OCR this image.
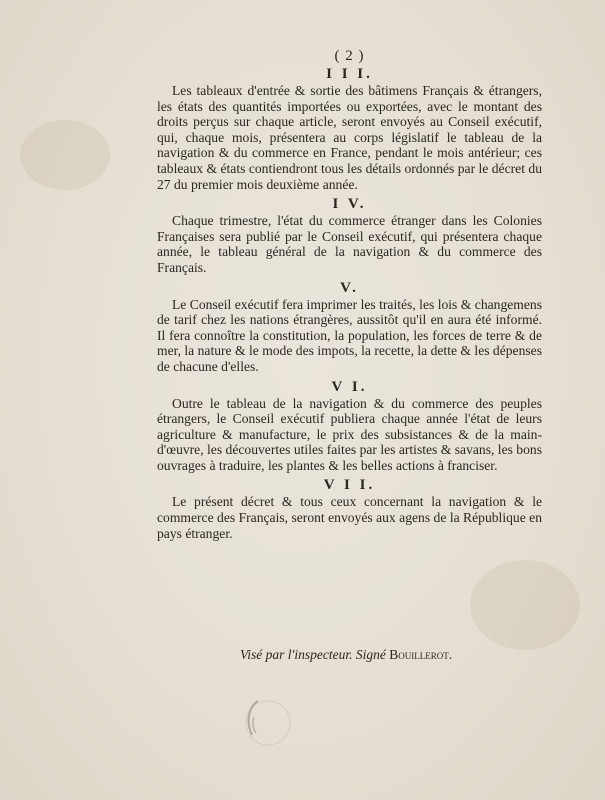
( 2 )
I I I.

Les tableaux d'entrée & sortie des bâtimens Français & étrangers, les états des quantités importées ou exportées, avec le montant des droits perçus sur chaque article, seront envoyés au Conseil exécutif, qui, chaque mois, présentera au corps législatif le tableau de la navigation & du commerce en France, pendant le mois antérieur; ces tableaux & états contiendront tous les détails ordonnés par le décret du 27 du premier mois deuxième année.

I V.

Chaque trimestre, l'état du commerce étranger dans les Colonies Françaises sera publié par le Conseil exécutif, qui présentera chaque année, le tableau général de la navigation & du commerce des Français.

V.

Le Conseil exécutif fera imprimer les traités, les lois & changemens de tarif chez les nations étrangères, aussitôt qu'il en aura été informé. Il fera connoître la constitution, la population, les forces de terre & de mer, la nature & le mode des impots, la recette, la dette & les dépenses de chacune d'elles.

V I.

Outre le tableau de la navigation & du commerce des peuples étrangers, le Conseil exécutif publiera chaque année l'état de leurs agriculture & manufacture, le prix des subsistances & de la main-d'œuvre, les découvertes utiles faites par les artistes & savans, les bons ouvrages à traduire, les plantes & les belles actions à franciser.

V I I.

Le présent décret & tous ceux concernant la navigation & le commerce des Français, seront envoyés aux agens de la République en pays étranger.

Visé par l'inspecteur. Signé Bouillerot.
